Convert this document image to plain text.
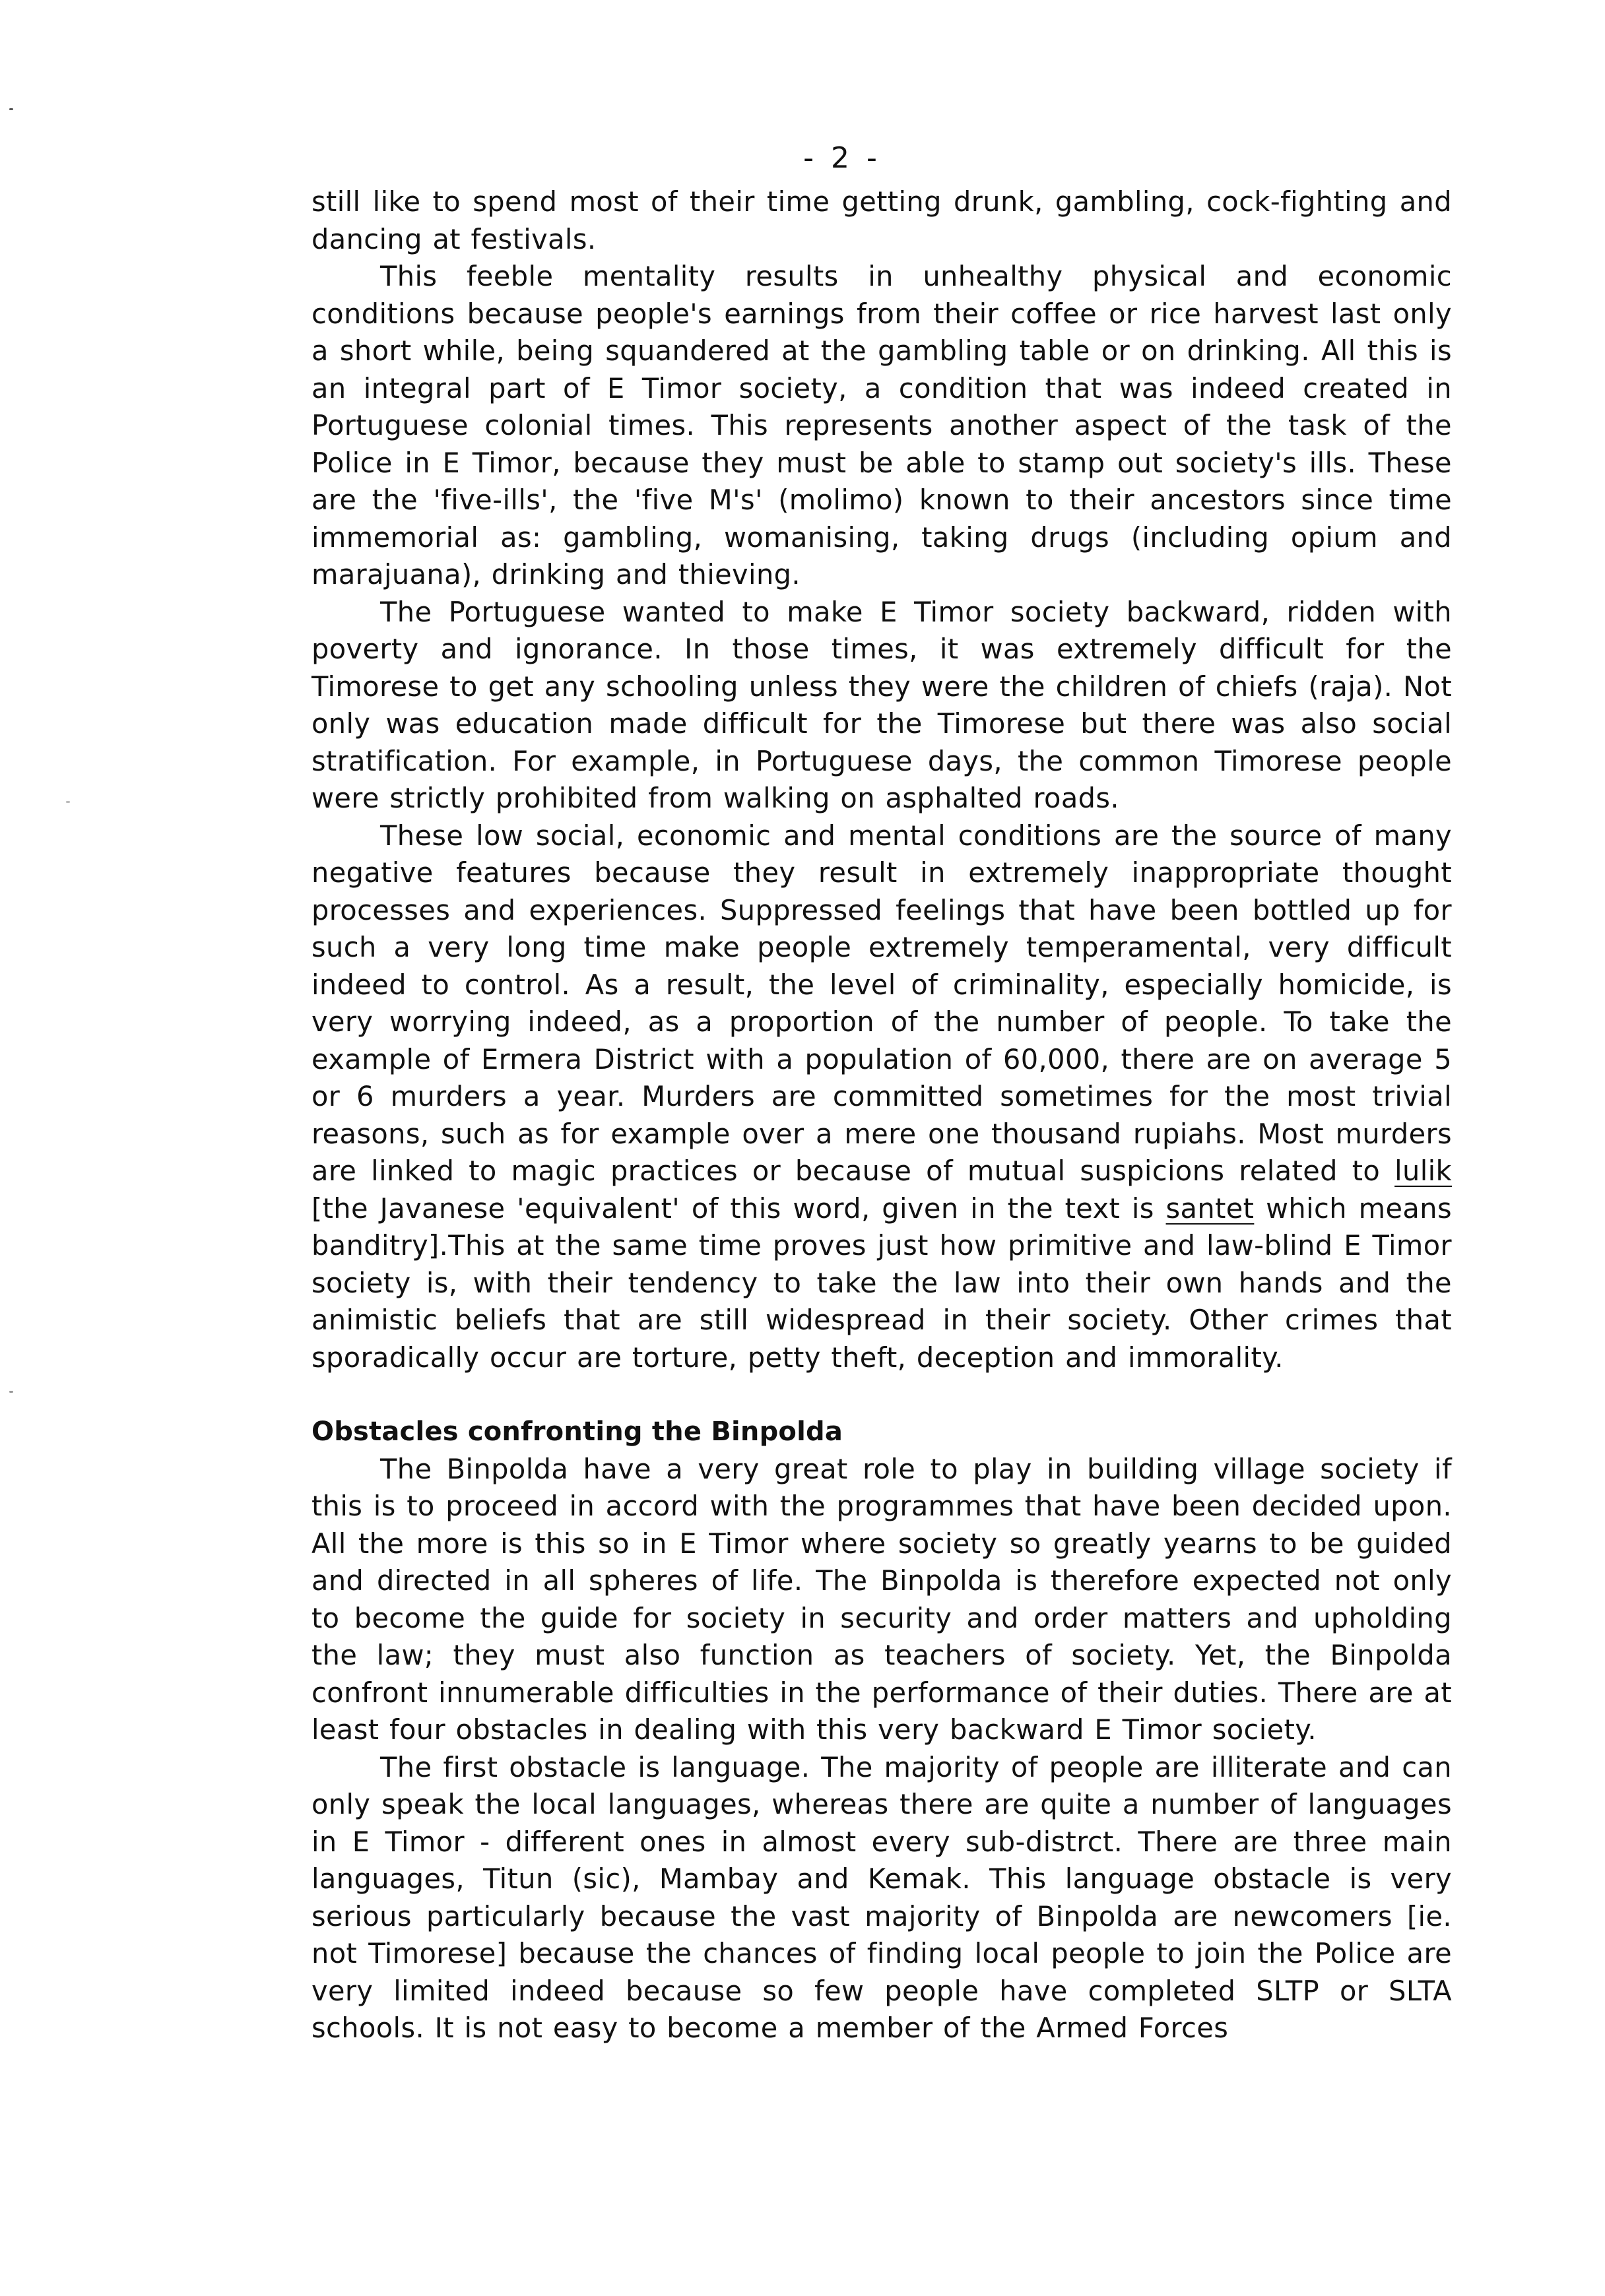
- 2 -

still like to spend most of their time getting drunk, gambling, cock-fighting and dancing at festivals.

This feeble mentality results in unhealthy physical and economic conditions because people's earnings from their coffee or rice harvest last only a short while, being squandered at the gambling table or on drinking. All this is an integral part of E Timor society, a condition that was indeed created in Portuguese colonial times. This represents another aspect of the task of the Police in E Timor, because they must be able to stamp out society's ills. These are the 'five-ills', the 'five M's' (molimo) known to their ancestors since time immemorial as: gambling, womanising, taking drugs (including opium and marajuana), drinking and thieving.

The Portuguese wanted to make E Timor society backward, ridden with poverty and ignorance. In those times, it was extremely difficult for the Timorese to get any schooling unless they were the children of chiefs (raja). Not only was education made difficult for the Timorese but there was also social stratification. For example, in Portuguese days, the common Timorese people were strictly prohibited from walking on asphalted roads.

These low social, economic and mental conditions are the source of many negative features because they result in extremely inappropriate thought processes and experiences. Suppressed feelings that have been bottled up for such a very long time make people extremely temperamental, very difficult indeed to control. As a result, the level of criminality, especially homicide, is very worrying indeed, as a proportion of the number of people. To take the example of Ermera District with a population of 60,000, there are on average 5 or 6 murders a year. Murders are committed sometimes for the most trivial reasons, such as for example over a mere one thousand rupiahs. Most murders are linked to magic practices or because of mutual suspicions related to lulik [the Javanese 'equivalent' of this word, given in the text is santet which means banditry].This at the same time proves just how primitive and law-blind E Timor society is, with their tendency to take the law into their own hands and the animistic beliefs that are still widespread in their society. Other crimes that sporadically occur are torture, petty theft, deception and immorality.

Obstacles confronting the Binpolda

The Binpolda have a very great role to play in building village society if this is to proceed in accord with the programmes that have been decided upon. All the more is this so in E Timor where society so greatly yearns to be guided and directed in all spheres of life. The Binpolda is therefore expected not only to become the guide for society in security and order matters and upholding the law; they must also function as teachers of society. Yet, the Binpolda confront innumerable difficulties in the performance of their duties. There are at least four obstacles in dealing with this very backward E Timor society.

The first obstacle is language. The majority of people are illiterate and can only speak the local languages, whereas there are quite a number of languages in E Timor - different ones in almost every sub-distrct. There are three main languages, Titun (sic), Mambay and Kemak. This language obstacle is very serious particularly because the vast majority of Binpolda are newcomers [ie. not Timorese] because the chances of finding local people to join the Police are very limited indeed because so few people have completed SLTP or SLTA schools. It is not easy to become a member of the Armed Forces
